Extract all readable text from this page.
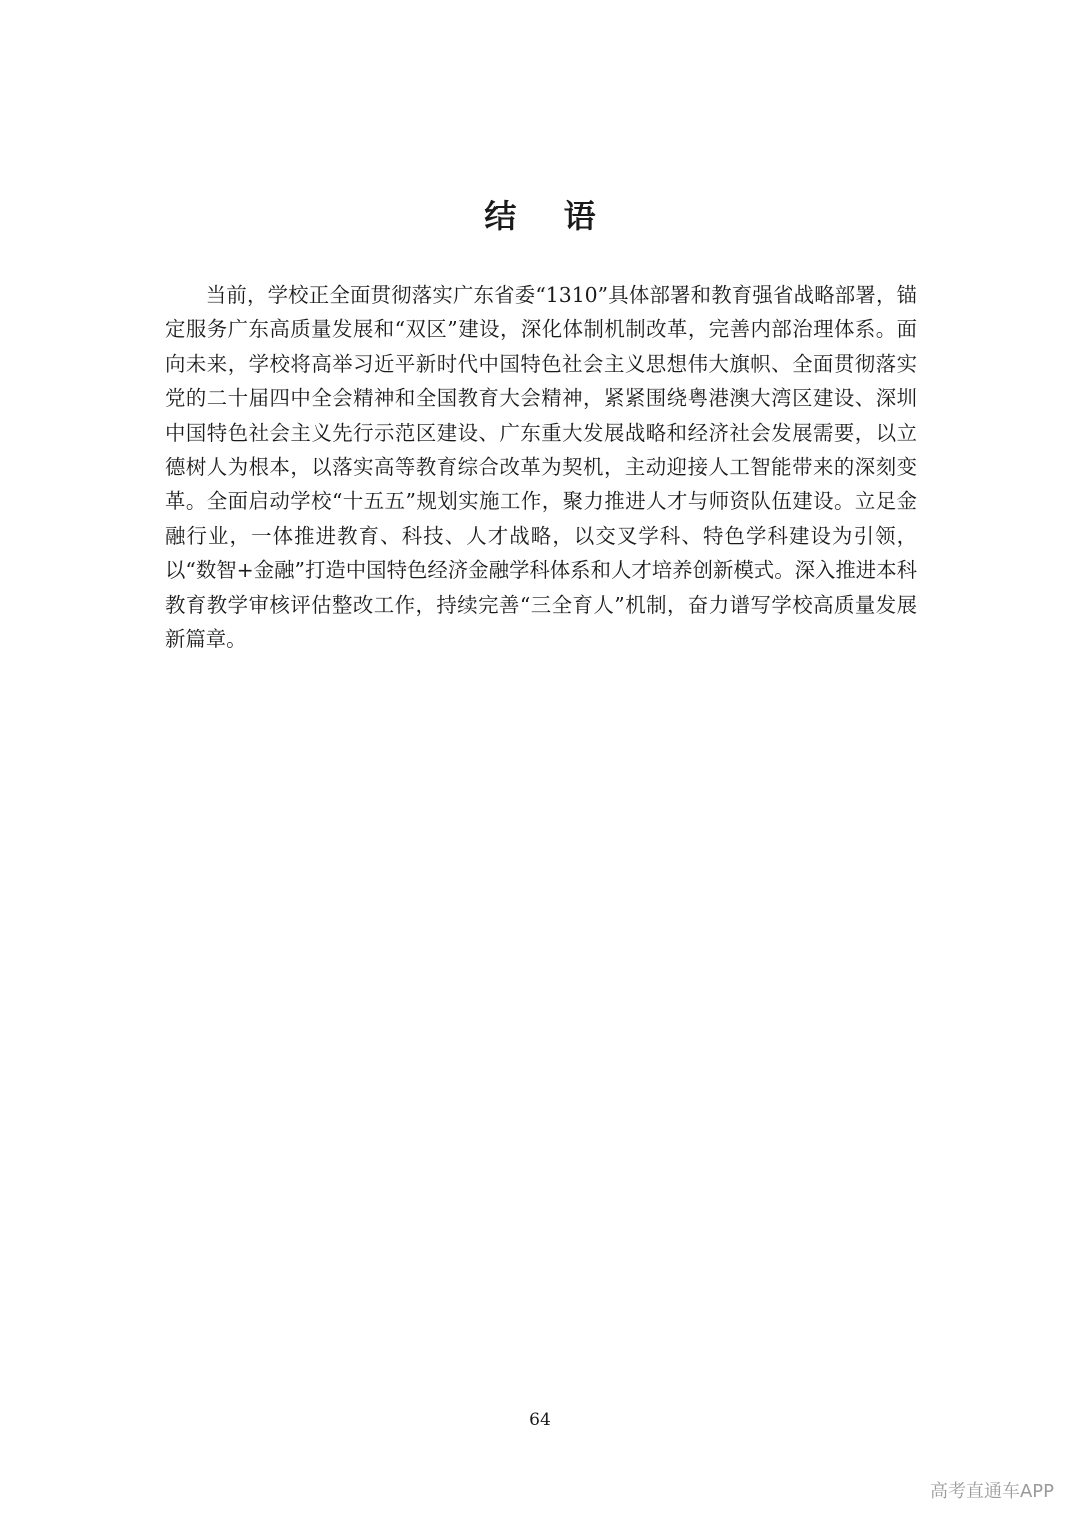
结 语

当前，学校正全面贯彻落实广东省委“1310”具体部署和教育强省战略部署，锚定服务广东高质量发展和“双区”建设，深化体制机制改革，完善内部治理体系。面向未来，学校将高举习近平新时代中国特色社会主义思想伟大旗帜、全面贯彻落实党的二十届四中全会精神和全国教育大会精神，紧紧围绕粤港澳大湾区建设、深圳中国特色社会主义先行示范区建设、广东重大发展战略和经济社会发展需要，以立德树人为根本，以落实高等教育综合改革为契机，主动迎接人工智能带来的深刻变革。全面启动学校“十五五”规划实施工作，聚力推进人才与师资队伍建设。立足金融行业，一体推进教育、科技、人才战略，以交叉学科、特色学科建设为引领，以“数智+金融”打造中国特色经济金融学科体系和人才培养创新模式。深入推进本科教育教学审核评估整改工作，持续完善“三全育人”机制，奋力谱写学校高质量发展新篇章。

64
高考直通车APP
